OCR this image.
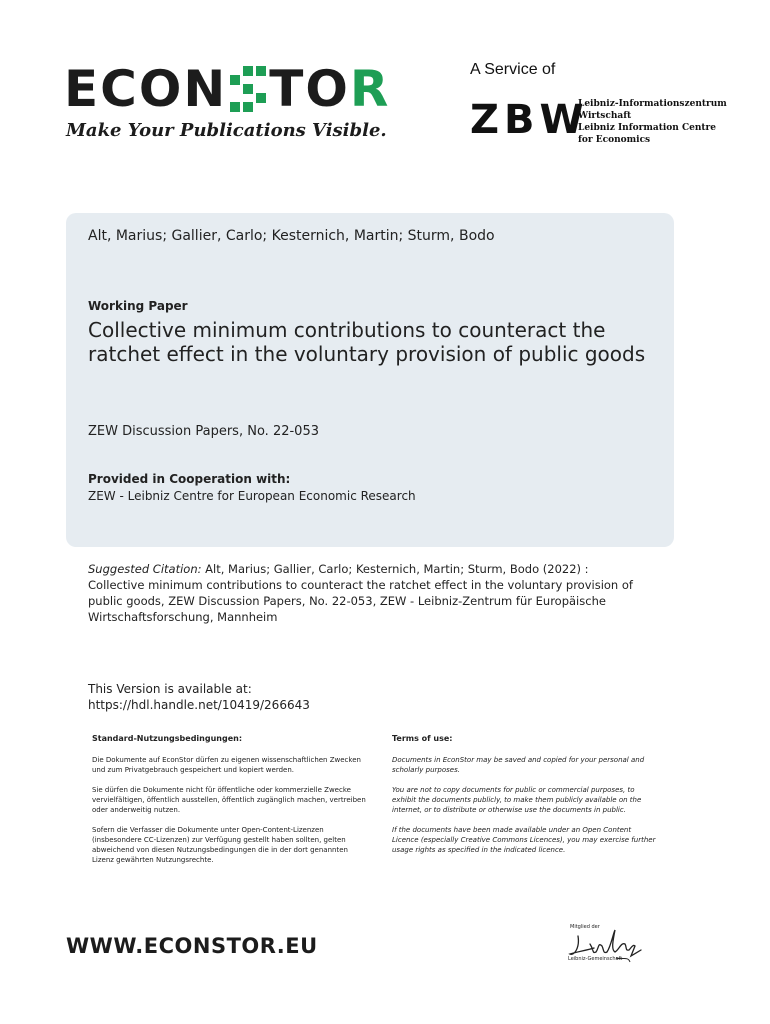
E C O N T O R
Make Your Publications Visible.
A Service of
Z B W
Leibniz-Informationszentrum
Wirtschaft
Leibniz Information Centre
for Economics
Alt, Marius; Gallier, Carlo; Kesternich, Martin; Sturm, Bodo
Working Paper
Collective minimum contributions to counteract the ratchet effect in the voluntary provision of public goods
ZEW Discussion Papers, No. 22-053
Provided in Cooperation with:
ZEW - Leibniz Centre for European Economic Research
Suggested Citation: Alt, Marius; Gallier, Carlo; Kesternich, Martin; Sturm, Bodo (2022) : Collective minimum contributions to counteract the ratchet effect in the voluntary provision of public goods, ZEW Discussion Papers, No. 22-053, ZEW - Leibniz-Zentrum für Europäische Wirtschaftsforschung, Mannheim
This Version is available at:
https://hdl.handle.net/10419/266643
Standard-Nutzungsbedingungen:	Terms of use:

Die Dokumente auf EconStor dürfen zu eigenen wissenschaftlichen Zwecken und zum Privatgebrauch gespeichert und kopiert werden.

Sie dürfen die Dokumente nicht für öffentliche oder kommerzielle Zwecke vervielfältigen, öffentlich ausstellen, öffentlich zugänglich machen, vertreiben oder anderweitig nutzen.

Sofern die Verfasser die Dokumente unter Open-Content-Lizenzen (insbesondere CC-Lizenzen) zur Verfügung gestellt haben sollten, gelten abweichend von diesen Nutzungsbedingungen die in der dort genannten Lizenz gewährten Nutzungsrechte.

Documents in EconStor may be saved and copied for your personal and scholarly purposes.

You are not to copy documents for public or commercial purposes, to exhibit the documents publicly, to make them publicly available on the internet, or to distribute or otherwise use the documents in public.

If the documents have been made available under an Open Content Licence (especially Creative Commons Licences), you may exercise further usage rights as specified in the indicated licence.

WWW.ECONSTOR.EU
Mitglied der
Leibniz-Gemeinschaft
